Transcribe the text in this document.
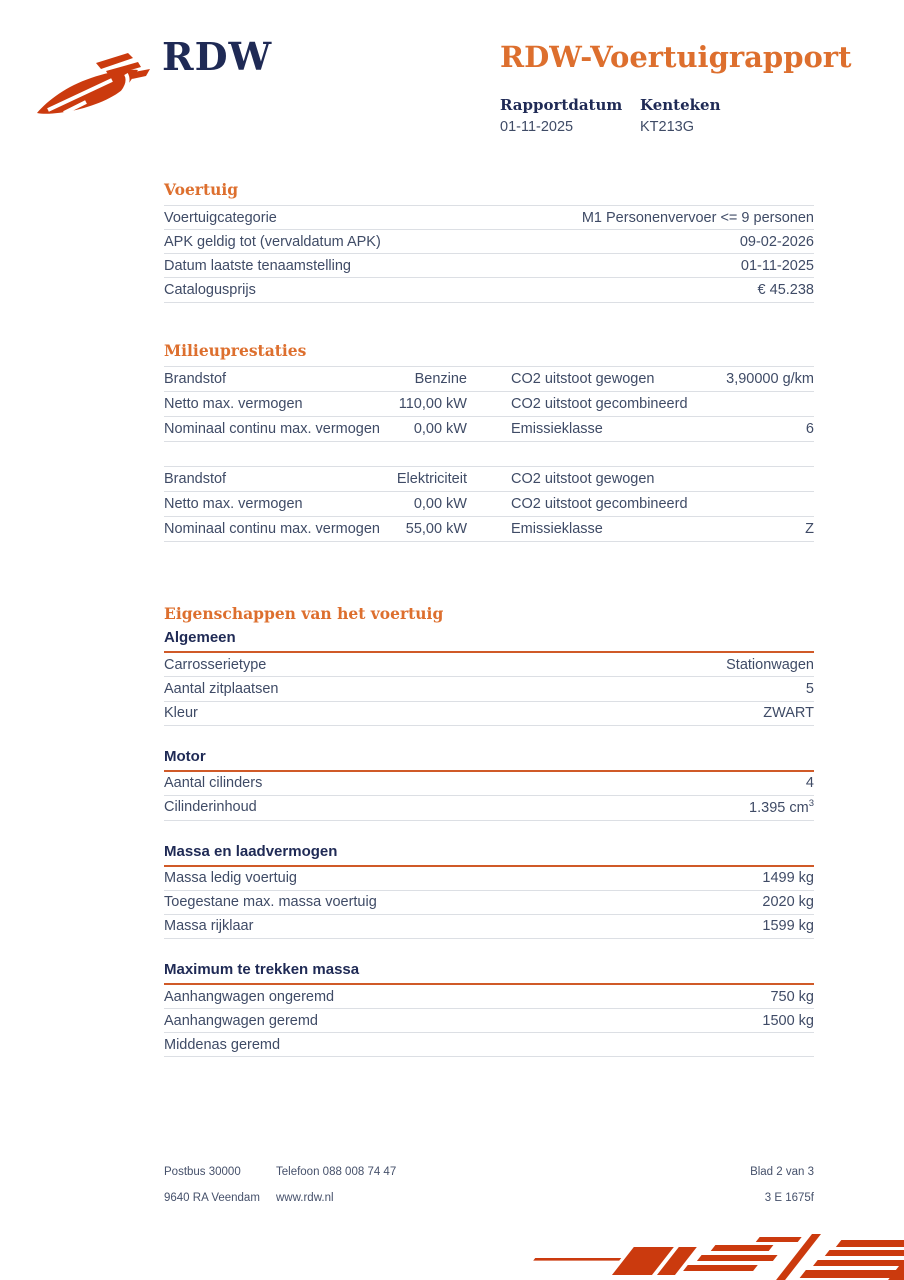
RDW	RDW-Voertuigrapport
Rapportdatum
01-11-2025
Kenteken
KT213G
Voertuig
Voertuigcategorie	M1 Personenvervoer <= 9 personen
APK geldig tot (vervaldatum APK)	09-02-2026
Datum laatste tenaamstelling	01-11-2025
Catalogusprijs	€ 45.238
Milieuprestaties
Brandstof	Benzine	CO2 uitstoot gewogen	3,90000 g/km
Netto max. vermogen	110,00 kW	CO2 uitstoot gecombineerd
Nominaal continu max. vermogen 0,00 kW	Emissieklasse	6
Brandstof	Elektriciteit	CO2 uitstoot gewogen
Netto max. vermogen	0,00 kW	CO2 uitstoot gecombineerd
Nominaal continu max. vermogen 55,00 kW	Emissieklasse	Z
Eigenschappen van het voertuig
Algemeen
Carrosserietype	Stationwagen
Aantal zitplaatsen	5
Kleur	ZWART
Motor
Aantal cilinders	4
Cilinderinhoud	1.395 $cm^3$
Massa en laadvermogen
Massa ledig voertuig	1499 kg
Toegestane max. massa voertuig	2020 kg
Massa rijklaar	1599 kg
Maximum te trekken massa
Aanhangwagen ongeremd	750 kg
Aanhangwagen geremd	1500 kg
Middenas geremd

Postbus 30000

9640 RA Veendam

Telefoon 088 008 74 47

www.rdw.nl

Blad 2 van 3

3 E 1675f
